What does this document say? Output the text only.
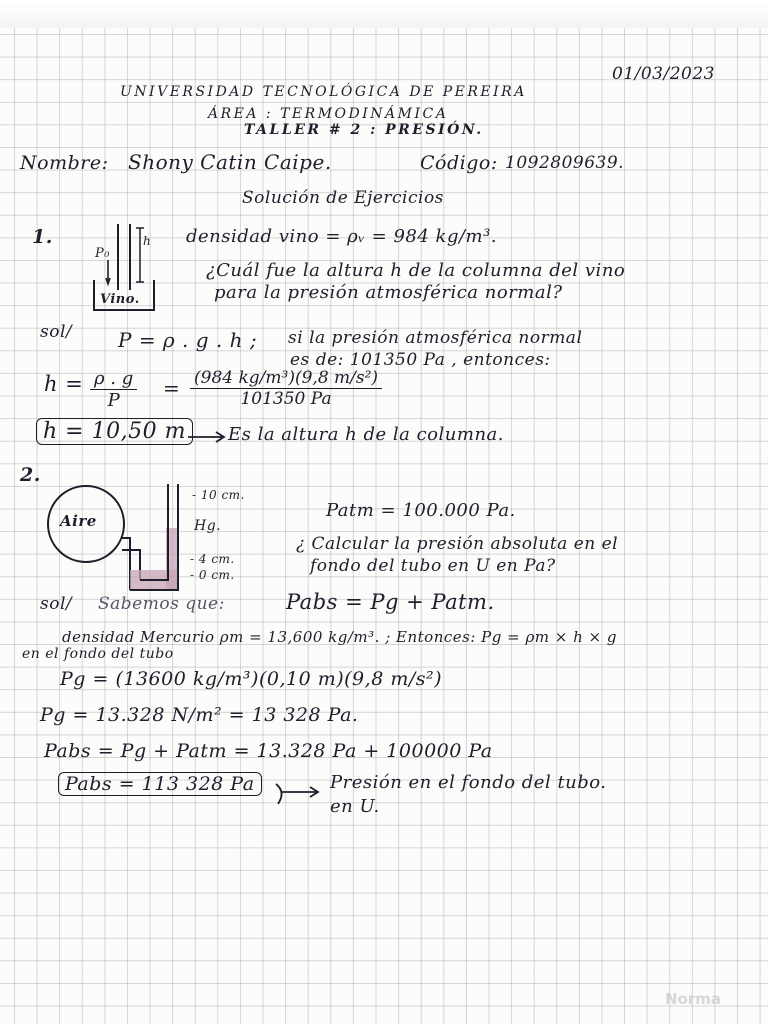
01/03/2023
UNIVERSIDAD TECNOLÓGICA DE PEREIRA
ÁREA : TERMODINÁMICA
TALLER # 2 : PRESIÓN.
Nombre: Shony Catin Caipe.	Código: 1092809639.
Solución de Ejercicios
1.
P₀
h
Vino.
densidad vino = ρᵥ = 984 kg/m³.
¿Cuál fue la altura h de la columna del vino
para la presión atmosférica normal?
sol/ P = ρ . g . h ; si la presión atmosférica normal
es de: 101350 Pa , entonces:
$h = \frac{\rho . g}{P} = \frac{\text{(984 kg/m³)(9,8 m/s²)}}{101350 Pa}$
h = 10,50 m	Es la altura h de la columna.
2.
Aire
- 10 cm.
Hg.
- 4 cm.
- 0 cm.
Patm = 100.000 Pa.
¿ Calcular la presión absoluta en el
fondo del tubo en U en Pa?
sol/ Sabemos que:	Pabs = Pg + Patm.
densidad Mercurio ρm = 13,600 kg/m³. ; Entonces: Pg = ρm × h × g
en el fondo del tubo
Pg = (13600 kg/m³)(0,10 m)(9,8 m/s²)
Pg = 13.328 N/m² = 13 328 Pa.
Pabs = Pg + Patm = 13.328 Pa + 100000 Pa
Pabs = 113 328 Pa	Presión en el fondo del tubo.
en U.
Norma
